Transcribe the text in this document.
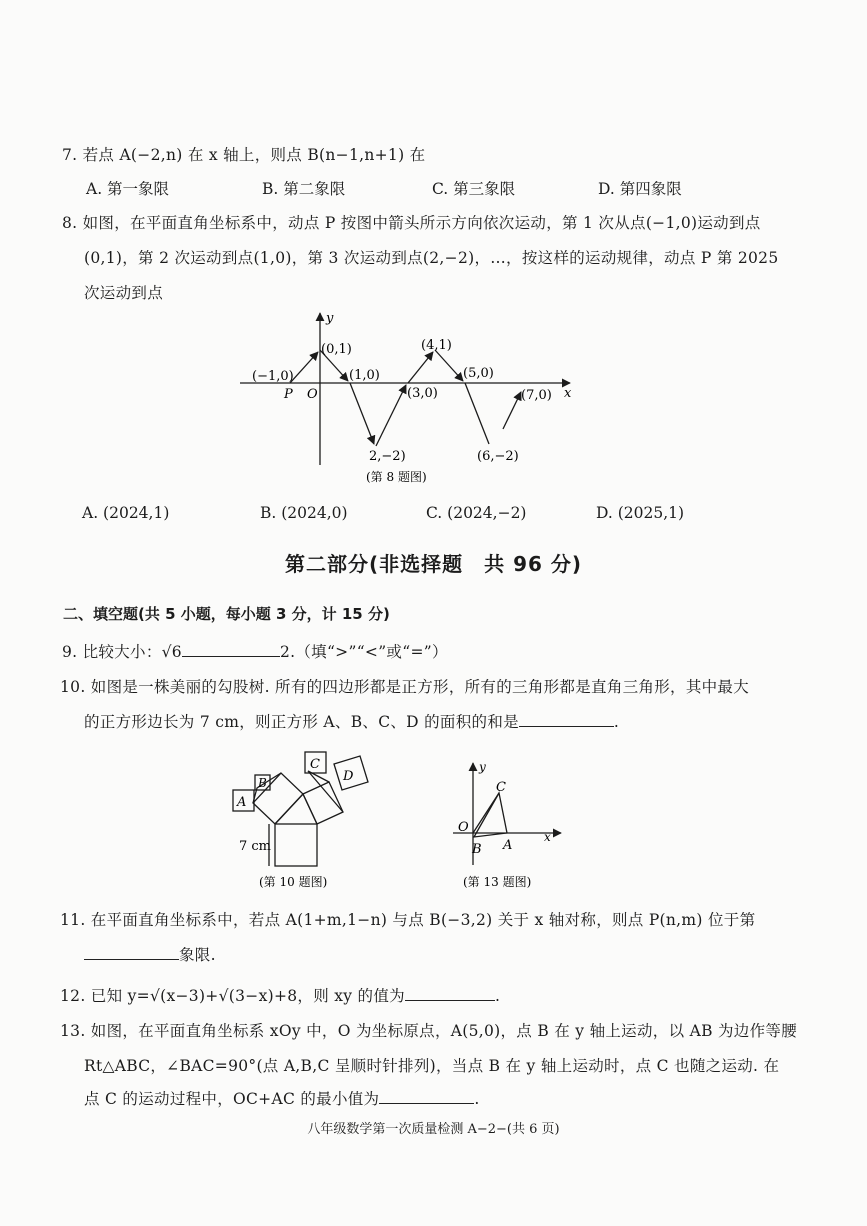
7. 若点 A(−2,n) 在 x 轴上，则点 B(n−1,n+1) 在
A. 第一象限	B. 第二象限	C. 第三象限	D. 第四象限
8. 如图，在平面直角坐标系中，动点 P 按图中箭头所示方向依次运动，第 1 次从点(−1,0)运动到点
(0,1)，第 2 次运动到点(1,0)，第 3 次运动到点(2,−2)，…，按这样的运动规律，动点 P 第 2025
次运动到点
x
y
O
P
(−1,0)
(0,1)
(1,0)
2,−2)
(4,1)
(3,0)
(5,0)
(7,0)
(6,−2)
(第 8 题图)
A. (2024,1)	B. (2024,0)	C. (2024,−2)	D. (2025,1)
第二部分(非选择题　共 96 分)
二、填空题(共 5 小题，每小题 3 分，计 15 分)
9. 比较大小：√6	2.（填“>”“<”或“=”）
10. 如图是一株美丽的勾股树. 所有的四边形都是正方形，所有的三角形都是直角三角形，其中最大
的正方形边长为 7 cm，则正方形 A、B、C、D 的面积的和是	.
A
B
C
D
7 cm
(第 10 题图)
y
C
O
B A
x
(第 13 题图)
11. 在平面直角坐标系中，若点 A(1+m,1−n) 与点 B(−3,2) 关于 x 轴对称，则点 P(n,m) 位于第
象限.
12. 已知 y=√(x−3)+√(3−x)+8，则 xy 的值为	.
13. 如图，在平面直角坐标系 xOy 中，O 为坐标原点，A(5,0)，点 B 在 y 轴上运动，以 AB 为边作等腰
Rt△ABC，∠BAC=90°(点 A,B,C 呈顺时针排列)，当点 B 在 y 轴上运动时，点 C 也随之运动. 在
点 C 的运动过程中，OC+AC 的最小值为	.
八年级数学第一次质量检测 A−2−(共 6 页)
